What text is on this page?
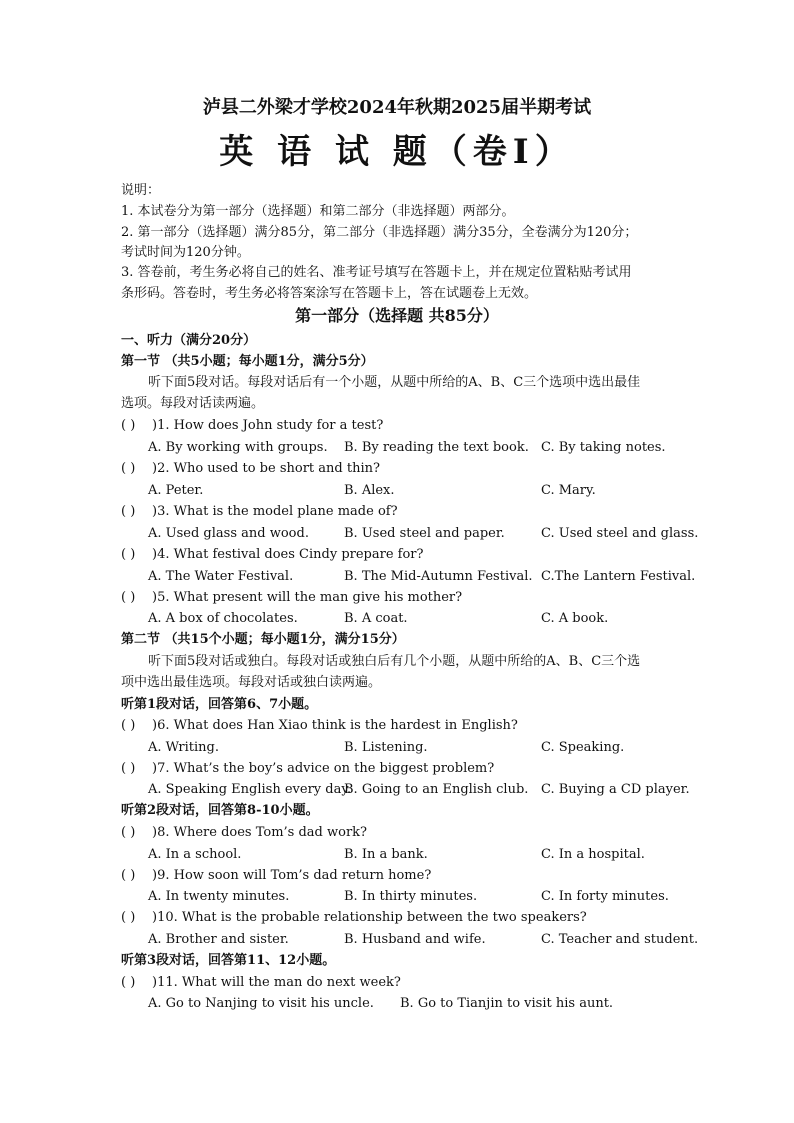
泸县二外梁才学校2024年秋期2025届半期考试
英 语 试 题（卷Ⅰ）
说明：
1. 本试卷分为第一部分（选择题）和第二部分（非选择题）两部分。
2. 第一部分（选择题）满分85分，第二部分（非选择题）满分35分，全卷满分为120分；
考试时间为120分钟。
3. 答卷前，考生务必将自己的姓名、准考证号填写在答题卡上，并在规定位置粘贴考试用
条形码。答卷时，考生务必将答案涂写在答题卡上，答在试题卷上无效。
第一部分（选择题 共85分）
一、听力（满分20分）
第一节 （共5小题；每小题1分，满分5分）
听下面5段对话。每段对话后有一个小题，从题中所给的A、B、C三个选项中选出最佳
选项。每段对话读两遍。
( ) )1. How does John study for a test?
A. By working with groups. B. By reading the text book. C. By taking notes.
( ) )2. Who used to be short and thin?
A. Peter.	B. Alex.	C. Mary.
( ) )3. What is the model plane made of?
A. Used glass and wood.	B. Used steel and paper.	C. Used steel and glass.
( ) )4. What festival does Cindy prepare for?
A. The Water Festival.	B. The Mid-Autumn Festival. C.The Lantern Festival.
( ) )5. What present will the man give his mother?
A. A box of chocolates.	B. A coat.	C. A book.
第二节 （共15个小题；每小题1分，满分15分）
听下面5段对话或独白。每段对话或独白后有几个小题，从题中所给的A、B、C三个选
项中选出最佳选项。每段对话或独白读两遍。
听第1段对话，回答第6、7小题。
( ) )6. What does Han Xiao think is the hardest in English?
A. Writing.	B. Listening.	C. Speaking.
( ) )7. What’s the boy’s advice on the biggest problem?
A. Speaking English every day.
B. Going to an English club. C. Buying a CD player.
听第2段对话，回答第8-10小题。
( ) )8. Where does Tom’s dad work?
A. In a school.	B. In a bank.	C. In a hospital.
( ) )9. How soon will Tom’s dad return home?
A. In twenty minutes.	B. In thirty minutes.	C. In forty minutes.
( ) )10. What is the probable relationship between the two speakers?
A. Brother and sister.	B. Husband and wife.	C. Teacher and student.
听第3段对话，回答第11、12小题。
( ) )11. What will the man do next week?
A. Go to Nanjing to visit his uncle. B. Go to Tianjin to visit his aunt.
